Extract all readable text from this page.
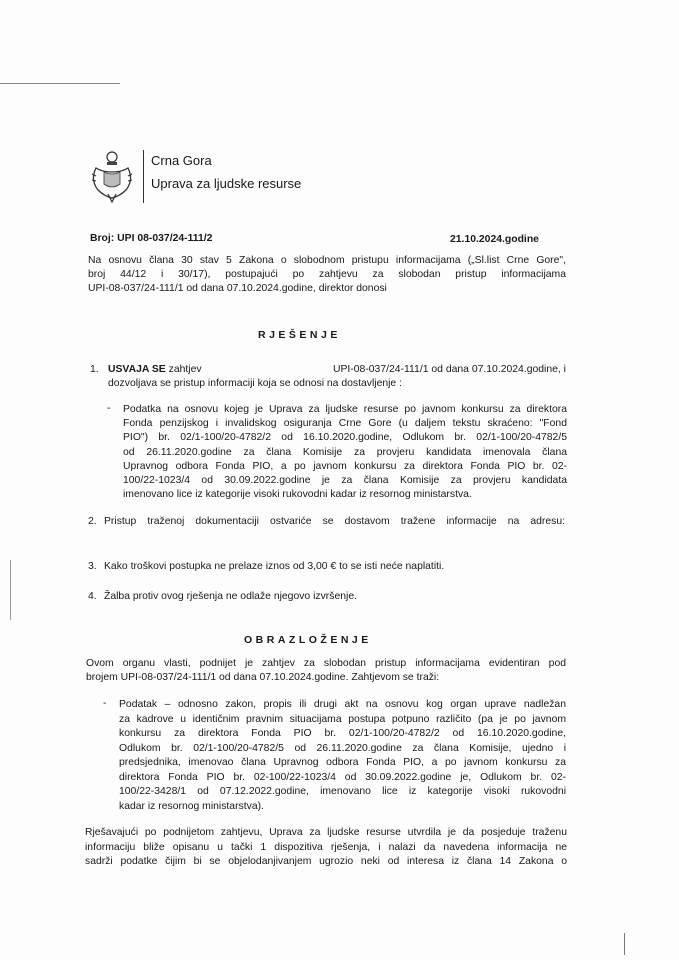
Crna Gora
Uprava za ljudske resurse
Broj: UPI 08-037/24-111/2	21.10.2024.godine
Na osnovu člana 30 stav 5 Zakona o slobodnom pristupu informacijama („Sl.list Crne Gore",
broj 44/12 i 30/17), postupajući po zahtjevu za slobodan pristup informacijama
UPI-08-037/24-111/1 od dana 07.10.2024.godine, direktor donosi
RJEŠENJE
1. USVAJA SE zahtjev	UPI-08-037/24-111/1 od dana 07.10.2024.godine, i
dozvoljava se pristup informaciji koja se odnosi na dostavljenje :
- Podatka na osnovu kojeg je Uprava za ljudske resurse po javnom konkursu za direktora
Fonda penzijskog i invalidskog osiguranja Crne Gore (u daljem tekstu skraćeno: "Fond
PIO") br. 02/1-100/20-4782/2 od 16.10.2020.godine, Odlukom br. 02/1-100/20-4782/5
od 26.11.2020.godine za člana Komisije za provjeru kandidata imenovala člana
Upravnog odbora Fonda PIO, a po javnom konkursu za direktora Fonda PIO br. 02-
100/22-1023/4 od 30.09.2022.godine je za člana Komisije za provjeru kandidata
imenovano lice iz kategorije visoki rukovodni kadar iz resornog ministarstva.
2. Pristup traženoj dokumentaciji ostvariće se dostavom tražene informacije na adresu:
3. Kako troškovi postupka ne prelaze iznos od 3,00 € to se isti neće naplatiti.
4. Žalba protiv ovog rješenja ne odlaže njegovo izvršenje.
OBRAZLOŽENJE
Ovom organu vlasti, podnijet je zahtjev za slobodan pristup informacijama evidentiran pod
brojem UPI-08-037/24-111/1 od dana 07.10.2024.godine. Zahtjevom se traži:
- Podatak – odnosno zakon, propis ili drugi akt na osnovu kog organ uprave nadležan
za kadrove u identičnim pravnim situacijama postupa potpuno različito (pa je po javnom
konkursu za direktora Fonda PIO br. 02/1-100/20-4782/2 od 16.10.2020.godine,
Odlukom br. 02/1-100/20-4782/5 od 26.11.2020.godine za člana Komisije, ujedno i
predsjednika, imenovao člana Upravnog odbora Fonda PIO, a po javnom konkursu za
direktora Fonda PIO br. 02-100/22-1023/4 od 30.09.2022.godine je, Odlukom br. 02-
100/22-3428/1 od 07.12.2022.godine, imenovano lice iz kategorije visoki rukovodni
kadar iz resornog ministarstva).
Rješavajući po podnijetom zahtjevu, Uprava za ljudske resurse utvrdila je da posjeduje traženu
informaciju bliže opisanu u tački 1 dispozitiva rješenja, i nalazi da navedena informacija ne
sadrži podatke čijim bi se objelodanjivanjem ugrozio neki od interesa iz člana 14 Zakona o
